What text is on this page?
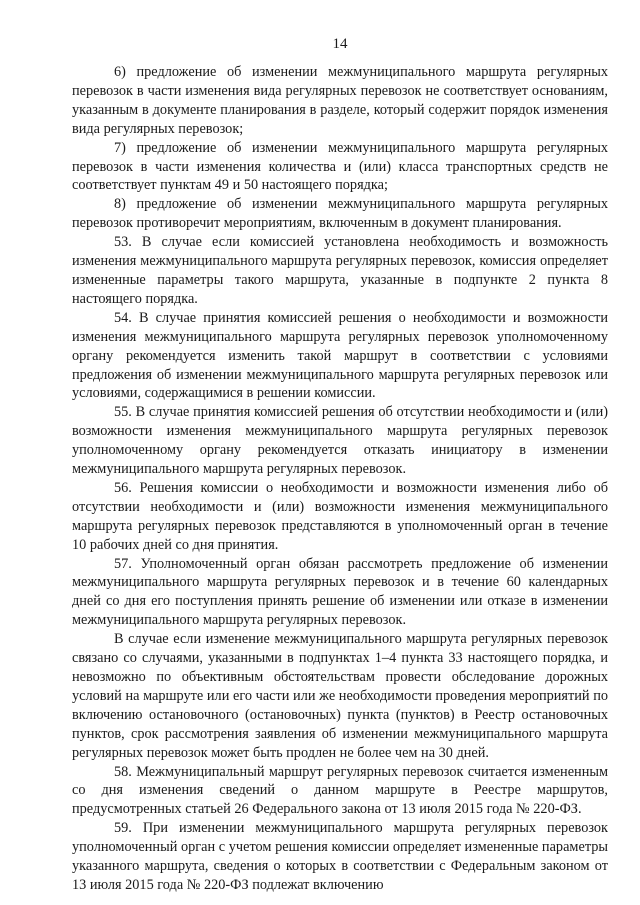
14

6) предложение об изменении межмуниципального маршрута регулярных перевозок в части изменения вида регулярных перевозок не соответствует основаниям, указанным в документе планирования в разделе, который содержит порядок изменения вида регулярных перевозок;

7) предложение об изменении межмуниципального маршрута регулярных перевозок в части изменения количества и (или) класса транспортных средств не соответствует пунктам 49 и 50 настоящего порядка;

8) предложение об изменении межмуниципального маршрута регулярных перевозок противоречит мероприятиям, включенным в документ планирования.

53. В случае если комиссией установлена необходимость и возможность изменения межмуниципального маршрута регулярных перевозок, комиссия определяет измененные параметры такого маршрута, указанные в подпункте 2 пункта 8 настоящего порядка.

54. В случае принятия комиссией решения о необходимости и возможности изменения межмуниципального маршрута регулярных перевозок уполномоченному органу рекомендуется изменить такой маршрут в соответствии с условиями предложения об изменении межмуниципального маршрута регулярных перевозок или условиями, содержащимися в решении комиссии.

55. В случае принятия комиссией решения об отсутствии необходимости и (или) возможности изменения межмуниципального маршрута регулярных перевозок уполномоченному органу рекомендуется отказать инициатору в изменении межмуниципального маршрута регулярных перевозок.

56. Решения комиссии о необходимости и возможности изменения либо об отсутствии необходимости и (или) возможности изменения межмуниципального маршрута регулярных перевозок представляются в уполномоченный орган в течение 10 рабочих дней со дня принятия.

57. Уполномоченный орган обязан рассмотреть предложение об изменении межмуниципального маршрута регулярных перевозок и в течение 60 календарных дней со дня его поступления принять решение об изменении или отказе в изменении межмуниципального маршрута регулярных перевозок.

В случае если изменение межмуниципального маршрута регулярных перевозок связано со случаями, указанными в подпунктах 1–4 пункта 33 настоящего порядка, и невозможно по объективным обстоятельствам провести обследование дорожных условий на маршруте или его части или же необходимости проведения мероприятий по включению остановочного (остановочных) пункта (пунктов) в Реестр остановочных пунктов, срок рассмотрения заявления об изменении межмуниципального маршрута регулярных перевозок может быть продлен не более чем на 30 дней.

58. Межмуниципальный маршрут регулярных перевозок считается измененным со дня изменения сведений о данном маршруте в Реестре маршрутов, предусмотренных статьей 26 Федерального закона от 13 июля 2015 года № 220-ФЗ.

59. При изменении межмуниципального маршрута регулярных перевозок уполномоченный орган с учетом решения комиссии определяет измененные параметры указанного маршрута, сведения о которых в соответствии с Федеральным законом от 13 июля 2015 года № 220-ФЗ подлежат включению
